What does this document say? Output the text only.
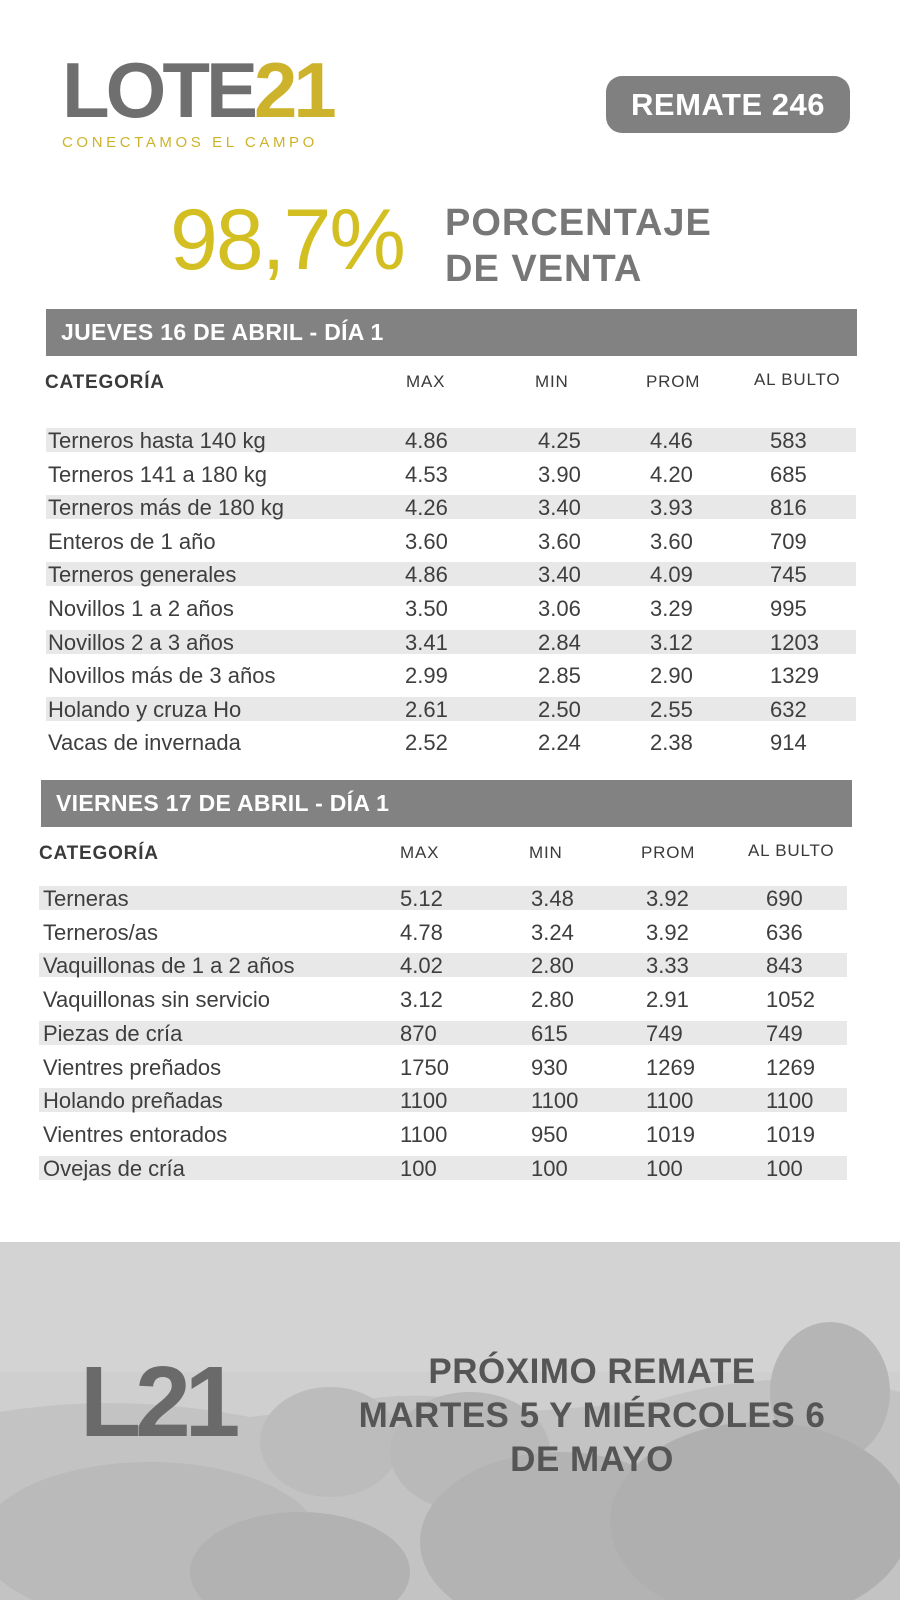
LOTE21
CONECTAMOS EL CAMPO
REMATE 246
98,7% PORCENTAJE
DE VENTA
JUEVES 16 DE ABRIL - DÍA 1
CATEGORÍA	MAX	MIN	PROM	AL BULTO
Terneros hasta 140 kg	4.86	4.25	4.46	583
Terneros 141 a 180 kg	4.53	3.90	4.20	685
Terneros más de 180 kg	4.26	3.40	3.93	816
Enteros de 1 año	3.60	3.60	3.60	709
Terneros generales	4.86	3.40	4.09	745
Novillos 1 a 2 años	3.50	3.06	3.29	995
Novillos 2 a 3 años	3.41	2.84	3.12	1203
Novillos más de 3 años	2.99	2.85	2.90	1329
Holando y cruza Ho	2.61	2.50	2.55	632
Vacas de invernada	2.52	2.24	2.38	914
VIERNES 17 DE ABRIL - DÍA 1
CATEGORÍA	MAX	MIN	PROM	AL BULTO
Terneras	5.12	3.48	3.92	690
Terneros/as	4.78	3.24	3.92	636
Vaquillonas de 1 a 2 años	4.02	2.80	3.33	843
Vaquillonas sin servicio	3.12	2.80	2.91	1052
Piezas de cría	870	615	749	749
Vientres preñados	1750	930	1269	1269
Holando preñadas	1100	1100	1100	1100
Vientres entorados	1100	950	1019	1019
Ovejas de cría	100	100	100	100
L21	PRÓXIMO REMATE
MARTES 5 Y MIÉRCOLES 6
DE MAYO
